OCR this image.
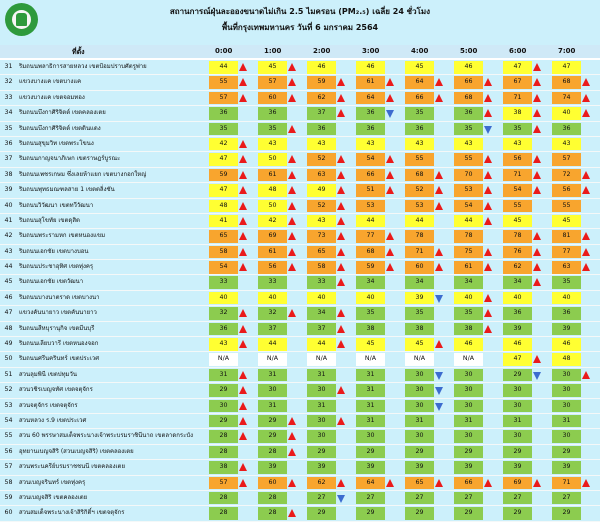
สถานการณ์ฝุ่นละอองขนาดไม่เกิน 2.5 ไมครอน (PM₂.₅) เฉลี่ย 24 ชั่วโมง
พื้นที่กรุงเทพมหานคร วันที่ 6 มกราคม 2564
ที่ตั้ง	0:00	1:00	2:00	3:00	4:00	5:00	6:00	7:00
31	ริมถนนพลาธิการสายหลวง เขตป้อมปราบศัตรูพ่าย	44	45	46	46	45	46	47	47
32	แขวงบางแค เขตบางแค	55	57	59	61	64	66	67	68
33	แขวงบางแค เขตจอมทอง	57	60	62	64	66	68	71	74
34	ริมถนนบึงกาศิริจิตต์ เขตคลองเตย	36	36	37	36	35	36	38	40
35	ริมถนนบึงกาศิริจิตต์ เขตดินแดง	35	35	36	36	36	35	35	36
36	ริมถนนสุขุมวิท เขตพระโขนง	42	43	43	43	43	43	43	43
37	ริมถนนกาญจนาภิเษก เขตราษฎร์บูรณะ	47	50	52	54	55	55	56	57
38	ริมถนนเพชรเกษม ซึ่งเลยห้าแยก เขตบางกอกใหญ่	59	61	63	66	68	70	71	72
39	ริมถนนพุทธมณฑลสาย 1 เขตตลิ่งชัน	47	48	49	51	52	53	54	56
40	ริมถนนวิวัฒนา เขตทวีวัฒนา	48	50	52	53	53	54	55	55
41	ริมถนนสุโขทัย เขตดุสิต	41	42	43	44	44	44	45	45
42	ริมถนนพระรามหก เขตหนองแขม	65	69	73	77	78	78	78	81
43	ริมถนนเอกชัย เขตบางบอน	58	61	65	68	71	75	76	77
44	ริมถนนประชาอุทิศ เขตทุ่งครุ	54	56	58	59	60	61	62	63
45	ริมถนนเอกชัย เขตวัฒนา	33	33	33	34	34	34	34	35
46	ริมถนนบางนาตราด เขตบางนา	40	40	40	40	39	40	40	40
47	แขวงคันนายาว เขตคันนายาว	32	32	34	35	35	35	36	36
48	ริมถนนสีหบุรานุกิจ เขตมีนบุรี	36	37	37	38	38	38	39	39
49	ริมถนนเลียบวารี เขตหนองจอก	43	44	44	45	45	46	46	46
50	ริมถนนศรีนครินทร์ เขตประเวศ	N/A	N/A	N/A	N/A	N/A	N/A	47	48
51	สวนลุมพินี เขตปทุมวัน	31	31	31	31	30	30	29	30
52	สวนวชิรเบญจทัศ เขตจตุจักร	29	30	30	31	30	30	30	30
53	สวนจตุจักร เขตจตุจักร	30	31	31	31	30	30	30	30
54	สวนหลวง ร.9 เขตประเวศ	29	29	30	31	31	31	31	31
55	สวน 60 พรรษาสมเด็จพระนางเจ้าพระบรมราชินีนาถ เขตลาดกระบัง	28	29	30	30	30	30	30	30
56	อุทยานเบญจสิริ (สวนเบญจสิริ) เขตคลองเตย	28	28	29	29	29	29	29	29
57	สวนพระนครีย์บรมราชชนนี เขตคลองเตย	38	39	39	39	39	39	39	39
58	สวนเบญจรินทร์ เขตทุ่งครุ	57	60	62	64	65	66	69	71
59	สวนเบญจสิริ เขตคลองเตย	28	28	27	27	27	27	27	27
60	สวนสมเด็จพระนางเจ้าสิริกิติ์ฯ เขตจตุจักร	28	28	29	29	29	29	29	29
